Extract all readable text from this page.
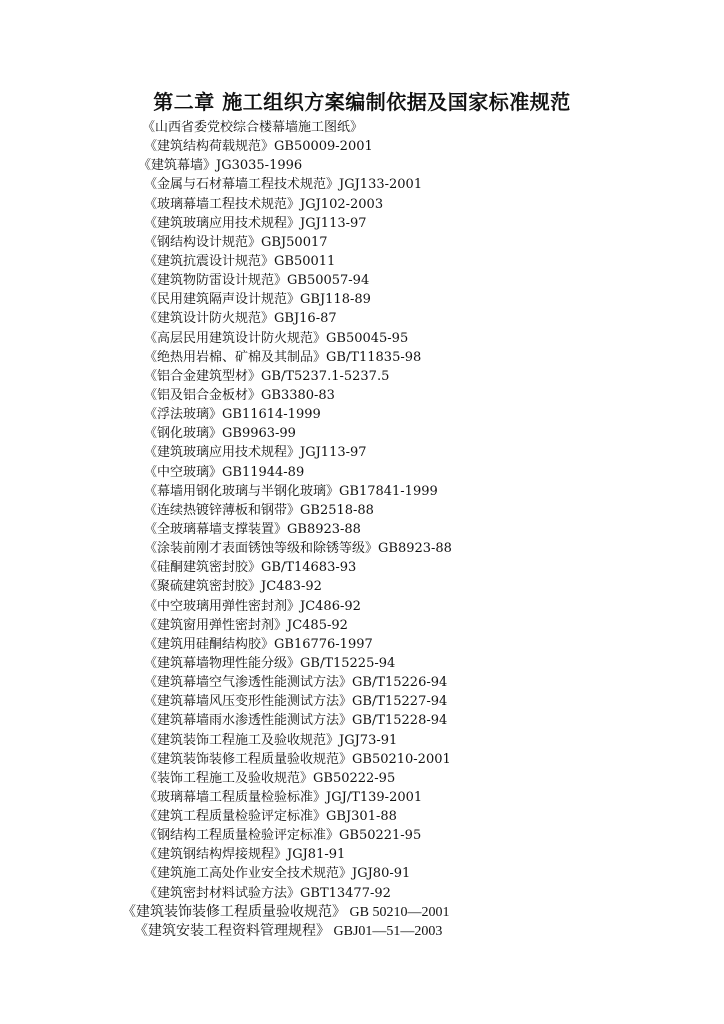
第二章 施工组织方案编制依据及国家标准规范
《山西省委党校综合楼幕墙施工图纸》
《建筑结构荷载规范》GB50009-2001
《建筑幕墙》JG3035-1996
《金属与石材幕墙工程技术规范》JGJ133-2001
《玻璃幕墙工程技术规范》JGJ102-2003
《建筑玻璃应用技术规程》JGJ113-97
《钢结构设计规范》GBJ50017
《建筑抗震设计规范》GB50011
《建筑物防雷设计规范》GB50057-94
《民用建筑隔声设计规范》GBJ118-89
《建筑设计防火规范》GBJ16-87
《高层民用建筑设计防火规范》GB50045-95
《绝热用岩棉、矿棉及其制品》GB/T11835-98
《铝合金建筑型材》GB/T5237.1-5237.5
《铝及铝合金板材》GB3380-83
《浮法玻璃》GB11614-1999
《钢化玻璃》GB9963-99
《建筑玻璃应用技术规程》JGJ113-97
《中空玻璃》GB11944-89
《幕墙用钢化玻璃与半钢化玻璃》GB17841-1999
《连续热镀锌薄板和钢带》GB2518-88
《全玻璃幕墙支撑装置》GB8923-88
《涂装前刚才表面锈蚀等级和除锈等级》GB8923-88
《硅酮建筑密封胶》GB/T14683-93
《聚硫建筑密封胶》JC483-92
《中空玻璃用弹性密封剂》JC486-92
《建筑窗用弹性密封剂》JC485-92
《建筑用硅酮结构胶》GB16776-1997
《建筑幕墙物理性能分级》GB/T15225-94
《建筑幕墙空气渗透性能测试方法》GB/T15226-94
《建筑幕墙风压变形性能测试方法》GB/T15227-94
《建筑幕墙雨水渗透性能测试方法》GB/T15228-94
《建筑装饰工程施工及验收规范》JGJ73-91
《建筑装饰装修工程质量验收规范》GB50210-2001
《装饰工程施工及验收规范》GB50222-95
《玻璃幕墙工程质量检验标准》JGJ/T139-2001
《建筑工程质量检验评定标准》GBJ301-88
《钢结构工程质量检验评定标准》GB50221-95
《建筑钢结构焊接规程》JGJ81-91
《建筑施工高处作业安全技术规范》JGJ80-91
《建筑密封材料试验方法》GBT13477-92
《建筑装饰装修工程质量验收规范》 GB 50210—2001
《建筑安装工程资料管理规程》 GBJ01—51—2003
